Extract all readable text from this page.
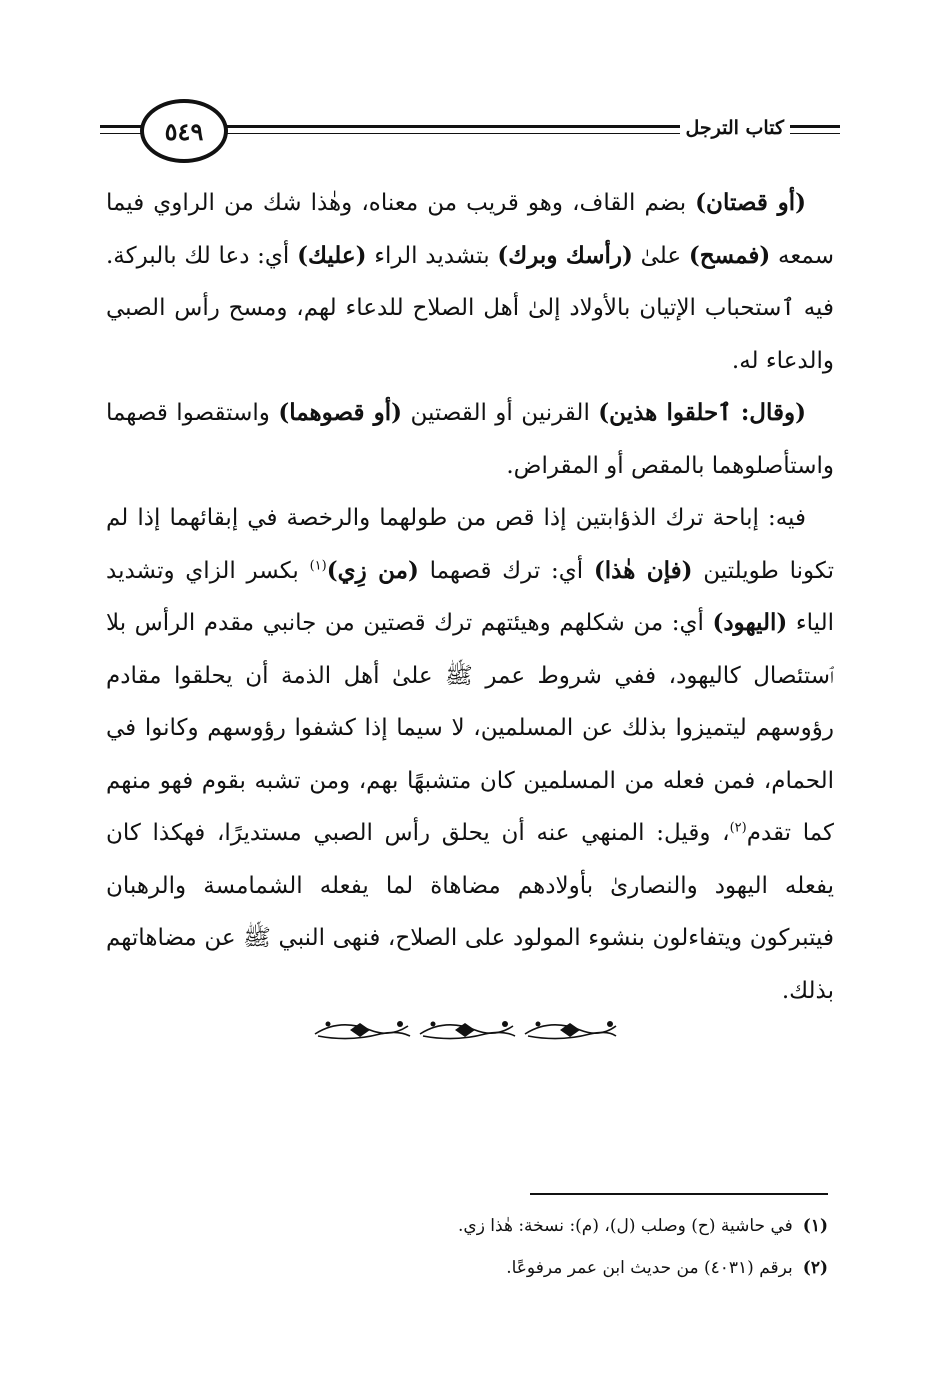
٥٤٩	كتاب الترجل

(أو قصتان) بضم القاف، وهو قريب من معناه، وهٰذا شك من الراوي فيما سمعه (فمسح) علىٰ (رأسك وبرك) بتشديد الراء (عليك) أي: دعا لك بالبركة. فيه ٱستحباب الإتيان بالأولاد إلىٰ أهل الصلاح للدعاء لهم، ومسح رأس الصبي والدعاء له.

(وقال: ٱحلقوا هذين) القرنين أو القصتين (أو قصوهما) واستقصوا قصهما واستأصلوهما بالمقص أو المقراض.

فيه: إباحة ترك الذؤابتين إذا قص من طولهما والرخصة في إبقائهما إذا لم تكونا طويلتين (فإن هٰذا) أي: ترك قصهما (من زِي)$^{(١)}$ بكسر الزاي وتشديد الياء (اليهود) أي: من شكلهم وهيئتهم ترك قصتين من جانبي مقدم الرأس بلا ٱستئصال كاليهود، ففي شروط عمر ﷺ علىٰ أهل الذمة أن يحلقوا مقادم رؤوسهم ليتميزوا بذلك عن المسلمين، لا سيما إذا كشفوا رؤوسهم وكانوا في الحمام، فمن فعله من المسلمين كان متشبهًا بهم، ومن تشبه بقوم فهو منهم كما تقدم$^{(٢)}$، وقيل: المنهي عنه أن يحلق رأس الصبي مستديرًا، فهكذا كان يفعله اليهود والنصارىٰ بأولادهم مضاهاة لما يفعله الشمامسة والرهبان فيتبركون ويتفاءلون بنشوء المولود على الصلاح، فنهى النبي ﷺ عن مضاهاتهم بذلك.

(١)في حاشية (ح) وصلب (ل)، (م): نسخة: هٰذا زي.

(٢)برقم (٤٠٣١) من حديث ابن عمر مرفوعًا.
